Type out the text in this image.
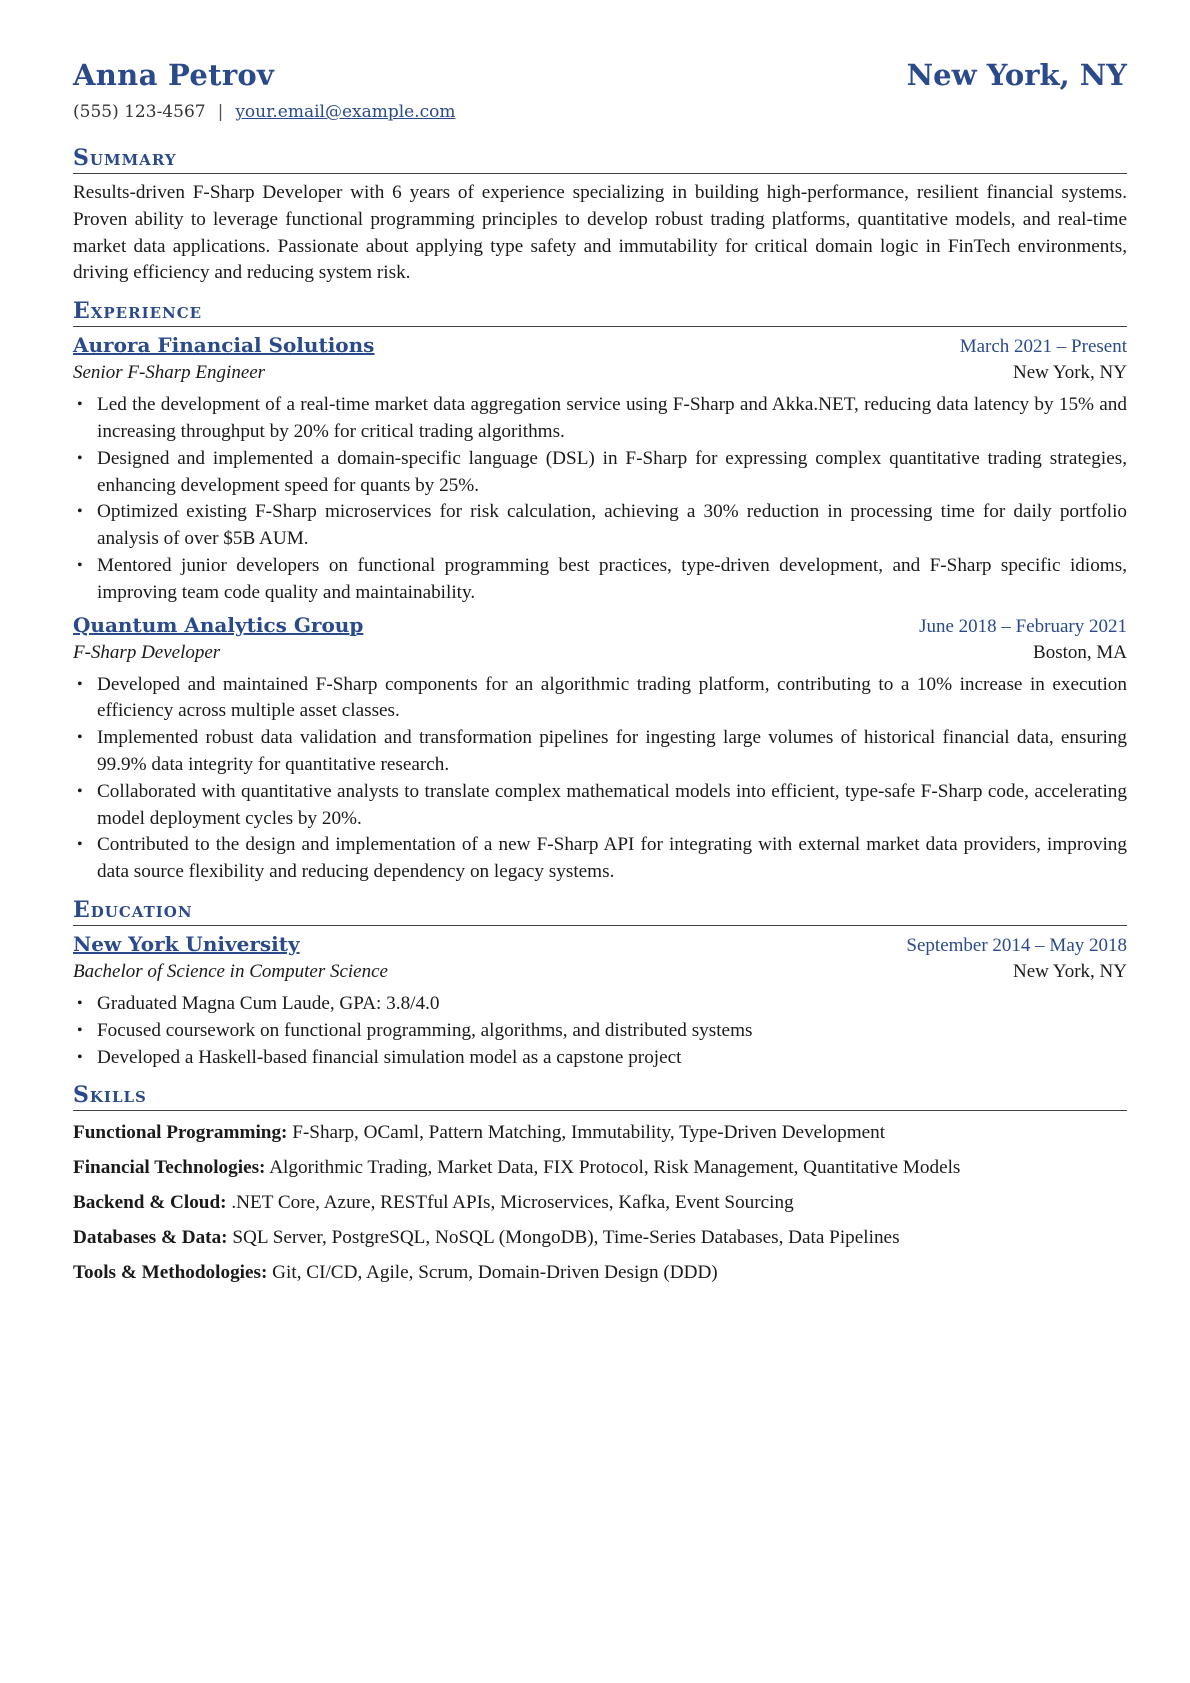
Anna Petrov	New York, NY
(555) 123-4567 | your.email@example.com
Summary
Results-driven F-Sharp Developer with 6 years of experience specializing in building high-performance, resilient financial systems. Proven ability to leverage functional programming principles to develop robust trading platforms, quantitative models, and real-time market data applications. Passionate about applying type safety and immutability for critical domain logic in FinTech environments, driving efficiency and reducing system risk.
Experience
Aurora Financial Solutions	March 2021 – Present
Senior F-Sharp Engineer	New York, NY
• Led the development of a real-time market data aggregation service using F-Sharp and Akka.NET, reducing data latency by 15% and increasing throughput by 20% for critical trading algorithms.
• Designed and implemented a domain-specific language (DSL) in F-Sharp for expressing complex quantitative trading strategies, enhancing development speed for quants by 25%.
• Optimized existing F-Sharp microservices for risk calculation, achieving a 30% reduction in processing time for daily portfolio analysis of over $5B AUM.
• Mentored junior developers on functional programming best practices, type-driven development, and F-Sharp specific idioms, improving team code quality and maintainability.
Quantum Analytics Group	June 2018 – February 2021
F-Sharp Developer	Boston, MA
• Developed and maintained F-Sharp components for an algorithmic trading platform, contributing to a 10% increase in execution efficiency across multiple asset classes.
• Implemented robust data validation and transformation pipelines for ingesting large volumes of historical financial data, ensuring 99.9% data integrity for quantitative research.
• Collaborated with quantitative analysts to translate complex mathematical models into efficient, type-safe F-Sharp code, accelerating model deployment cycles by 20%.
• Contributed to the design and implementation of a new F-Sharp API for integrating with external market data providers, improving data source flexibility and reducing dependency on legacy systems.
Education
New York University	September 2014 – May 2018
Bachelor of Science in Computer Science	New York, NY
• Graduated Magna Cum Laude, GPA: 3.8/4.0
• Focused coursework on functional programming, algorithms, and distributed systems
• Developed a Haskell-based financial simulation model as a capstone project
Skills
Functional Programming: F-Sharp, OCaml, Pattern Matching, Immutability, Type-Driven Development
Financial Technologies: Algorithmic Trading, Market Data, FIX Protocol, Risk Management, Quantitative Models
Backend & Cloud: .NET Core, Azure, RESTful APIs, Microservices, Kafka, Event Sourcing
Databases & Data: SQL Server, PostgreSQL, NoSQL (MongoDB), Time-Series Databases, Data Pipelines
Tools & Methodologies: Git, CI/CD, Agile, Scrum, Domain-Driven Design (DDD)
